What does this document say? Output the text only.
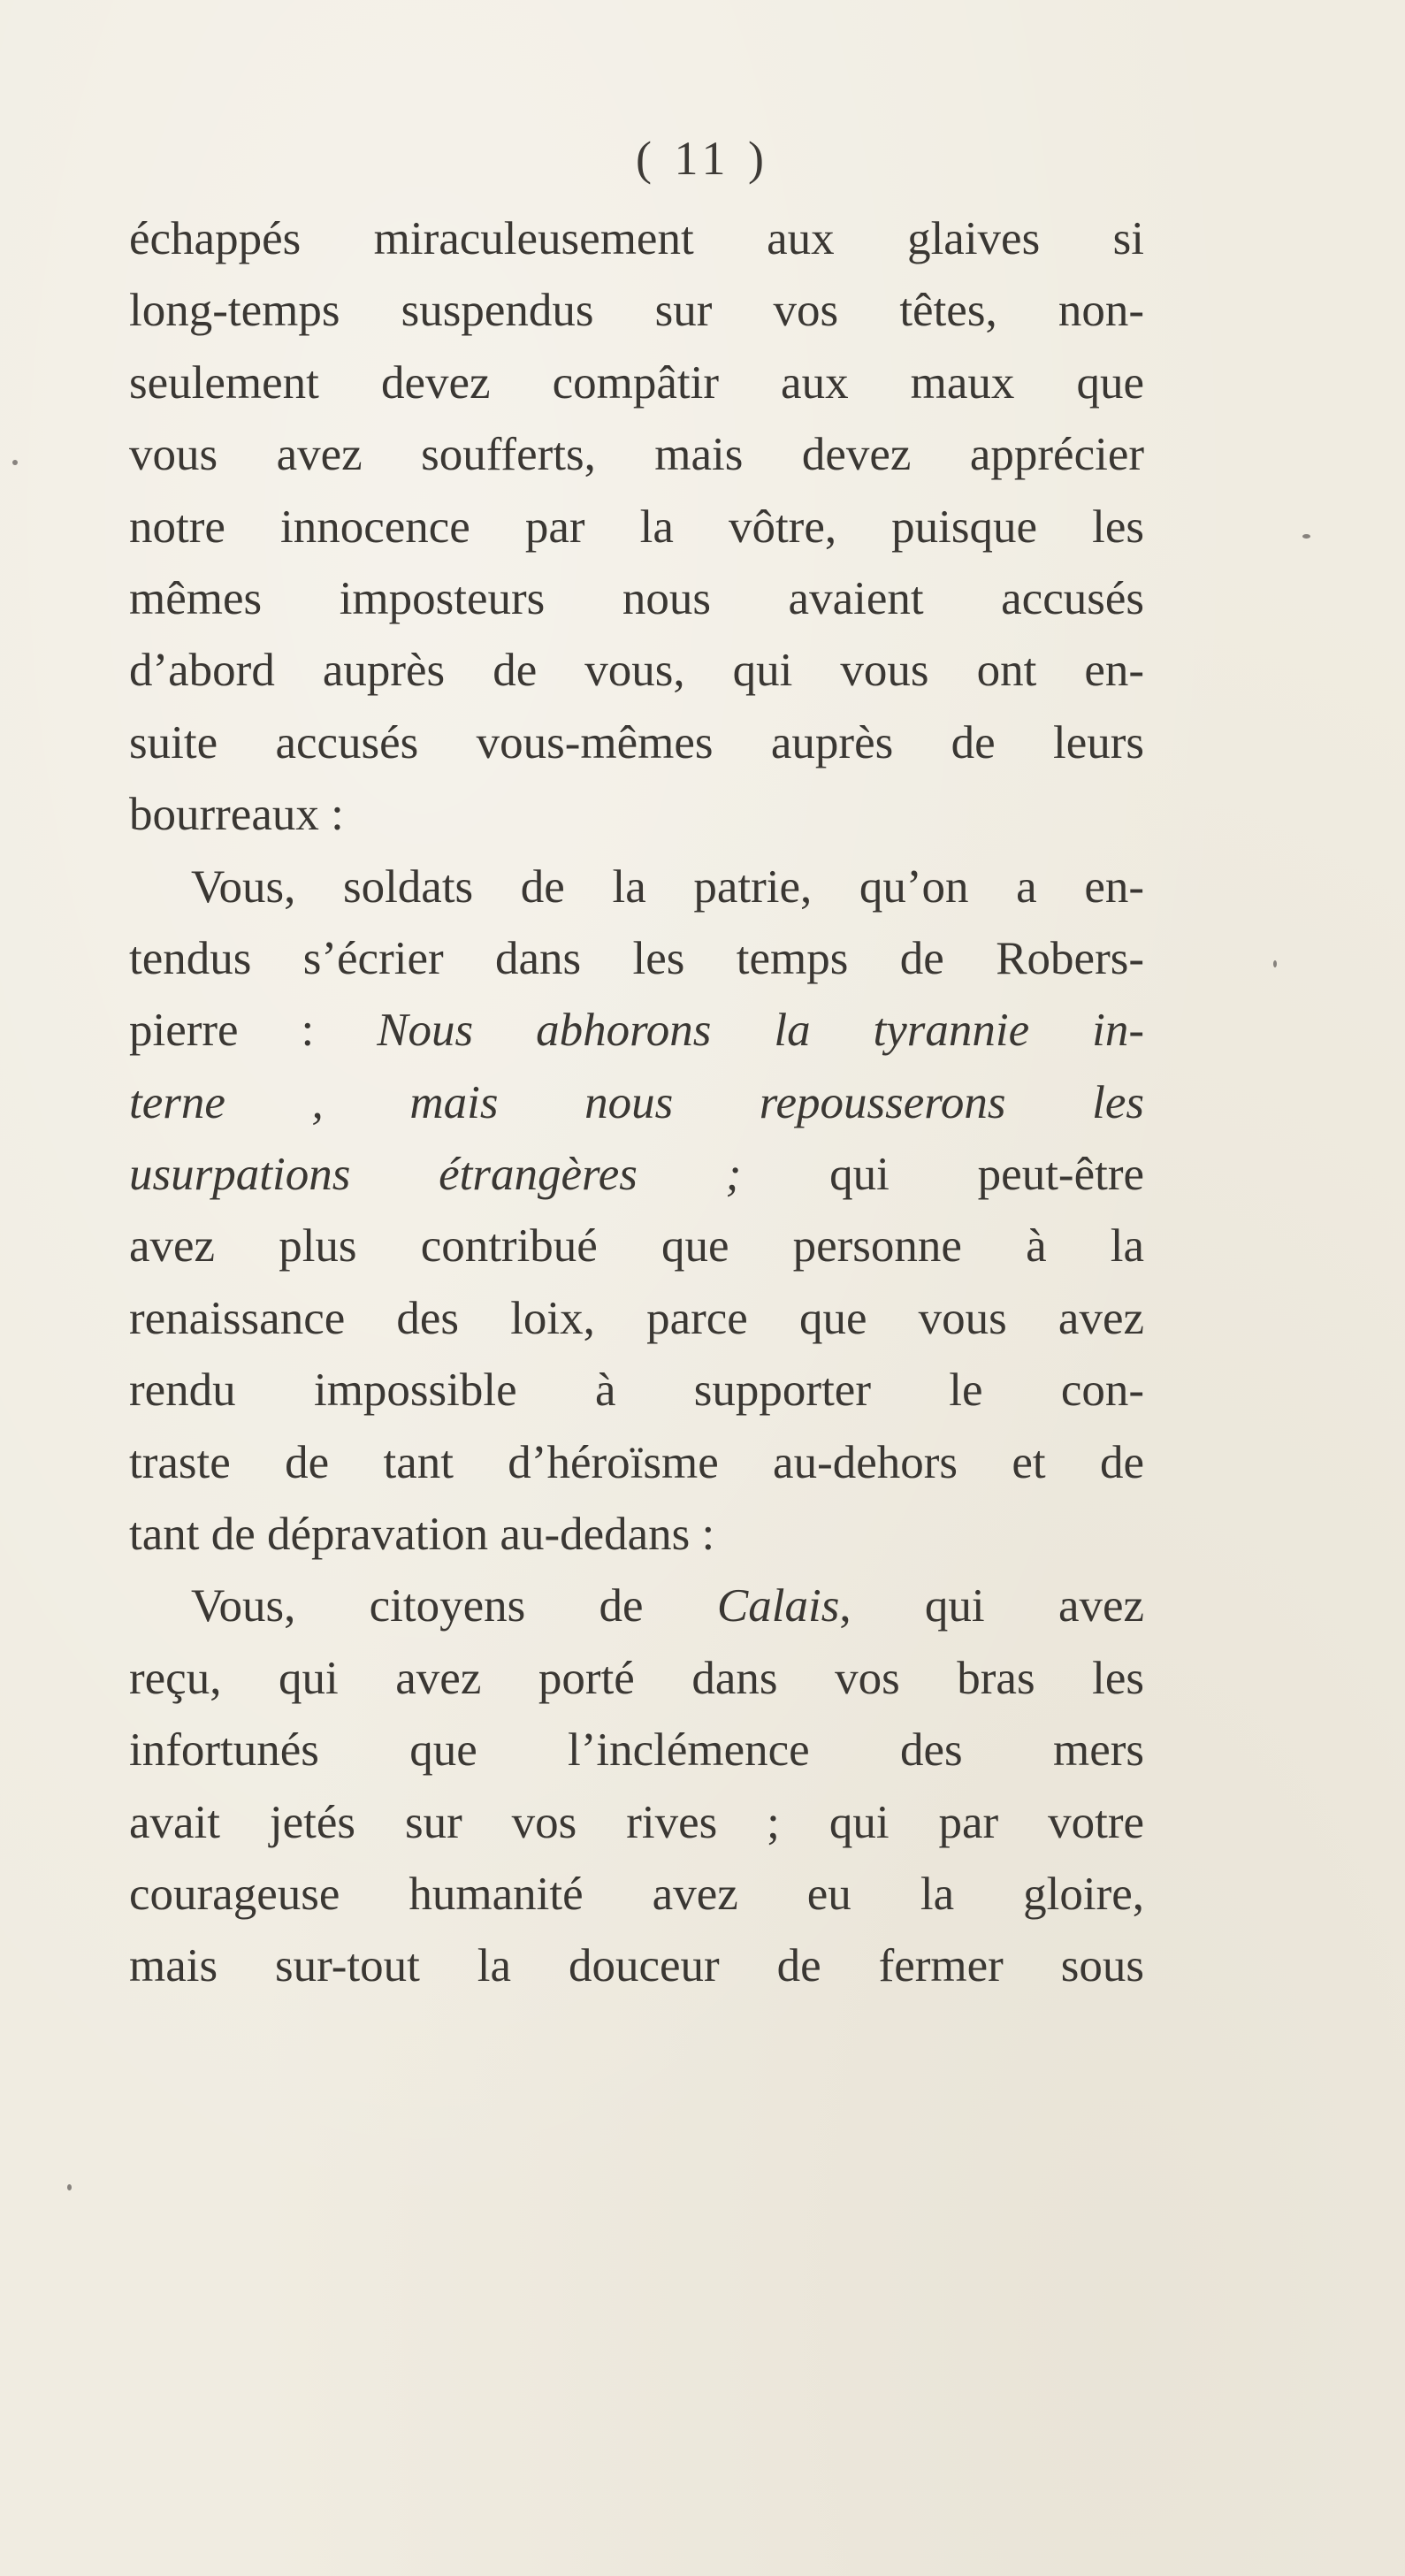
( 11 )

échappés miraculeusement aux glaives si
long-temps suspendus sur vos têtes, non-
seulement devez compâtir aux maux que
vous avez soufferts, mais devez apprécier
notre innocence par la vôtre, puisque les
mêmes imposteurs nous avaient accusés
d’abord auprès de vous, qui vous ont en-
suite accusés vous-mêmes auprès de leurs
bourreaux :
Vous, soldats de la patrie, qu’on a en-
tendus s’écrier dans les temps de Robers-
pierre : Nous abhorons la tyrannie in-
terne , mais nous repousserons les
usurpations étrangères ; qui peut-être
avez plus contribué que personne à la
renaissance des loix, parce que vous avez
rendu impossible à supporter le con-
traste de tant d’héroïsme au-dehors et de
tant de dépravation au-dedans :
Vous, citoyens de Calais, qui avez
reçu, qui avez porté dans vos bras les
infortunés que l’inclémence des mers
avait jetés sur vos rives ; qui par votre
courageuse humanité avez eu la gloire,
mais sur-tout la douceur de fermer sous
